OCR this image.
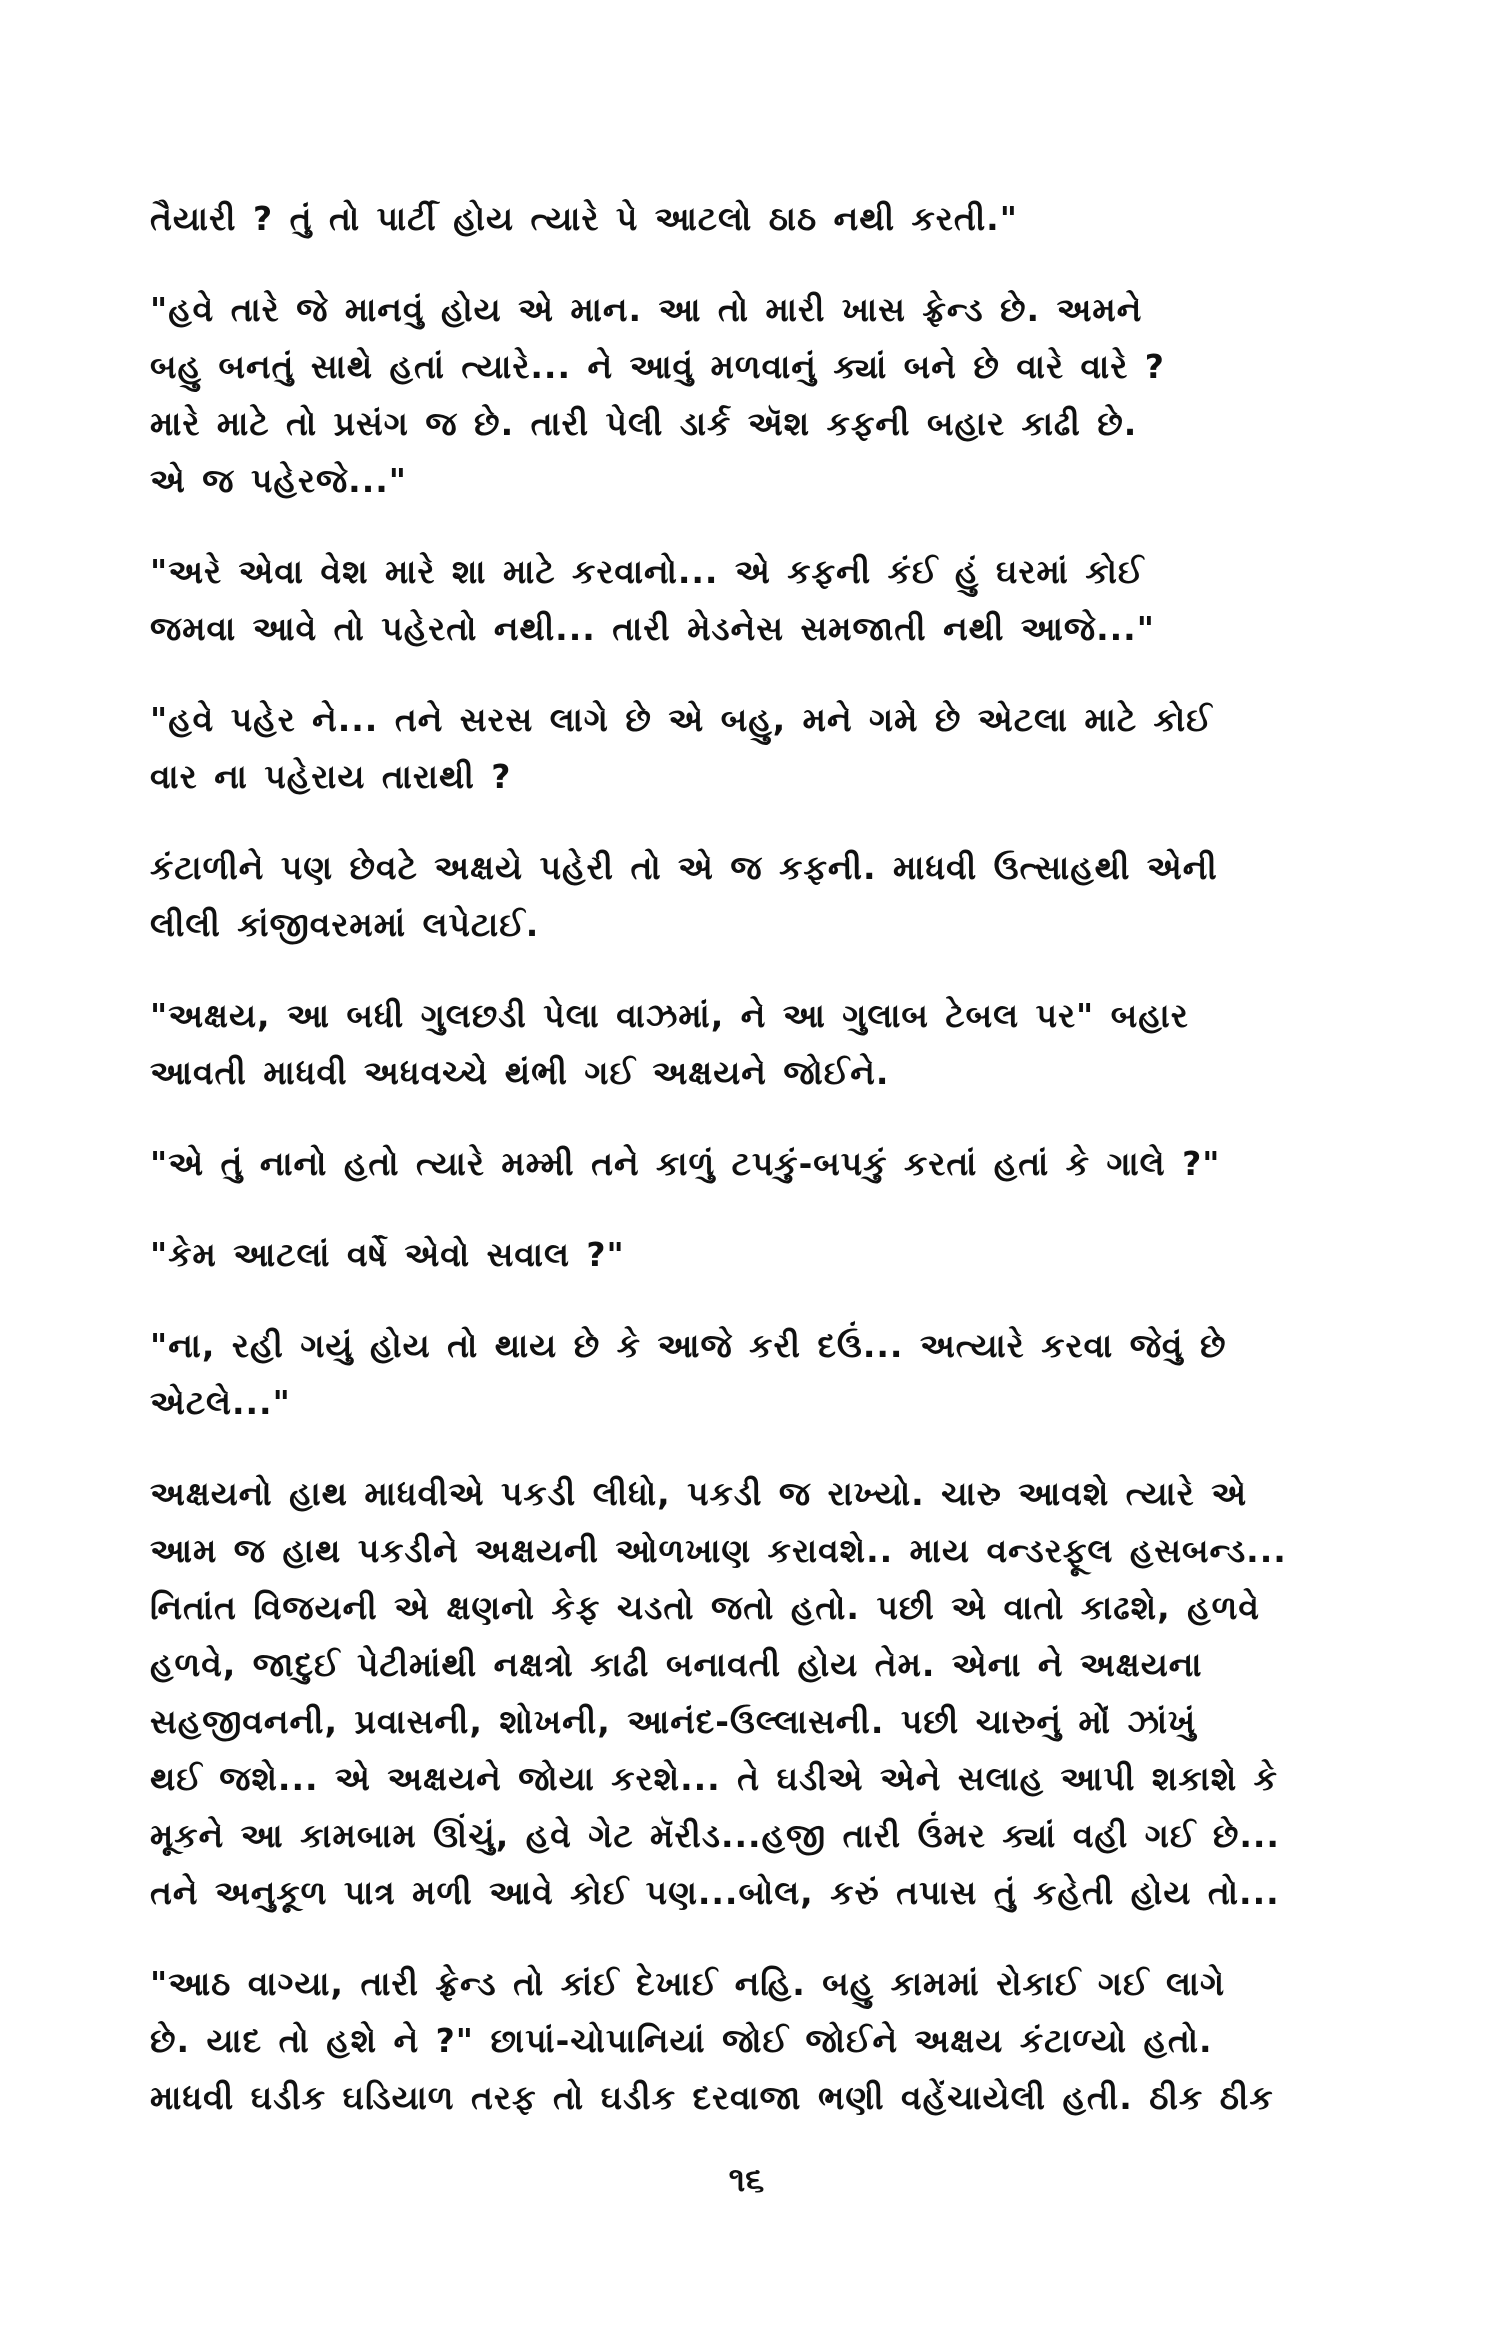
તૈયારી ? તું તો પાર્ટી હોય ત્યારે પે આટલો ઠાઠ નથી કરતી."

"હવે તારે જે માનવું હોય એ માન. આ તો મારી ખાસ ફ્રેન્ડ છે. અમને
બહુ બનતું સાથે હતાં ત્યારે... ને આવું મળવાનું ક્યાં બને છે વારે વારે ?
મારે માટે તો પ્રસંગ જ છે. તારી પેલી ડાર્ક ઍશ કફની બહાર કાઢી છે.
એ જ પહેરજે..."

"અરે એવા વેશ મારે શા માટે કરવાનો... એ કફની કંઈ હું ઘરમાં કોઈ
જમવા આવે તો પહેરતો નથી... તારી મેડનેસ સમજાતી નથી આજે..."

"હવે પહેર ને... તને સરસ લાગે છે એ બહુ, મને ગમે છે એટલા માટે કોઈ
વાર ના પહેરાય તારાથી ?

કંટાળીને પણ છેવટે અક્ષયે પહેરી તો એ જ કફની. માધવી ઉત્સાહથી એની
લીલી કાંજીવરમમાં લપેટાઈ.

"અક્ષય, આ બધી ગુલછડી પેલા વાઝમાં, ને આ ગુલાબ ટેબલ પર" બહાર
આવતી માધવી અધવચ્ચે થંભી ગઈ અક્ષયને જોઈને.

"એ તું નાનો હતો ત્યારે મમ્મી તને કાળું ટપકું-બપકું કરતાં હતાં કે ગાલે ?"

"કેમ આટલાં વર્ષે એવો સવાલ ?"

"ના, રહી ગયું હોય તો થાય છે કે આજે કરી દઉં... અત્યારે કરવા જેવું છે
એટલે..."

અક્ષયનો હાથ માધવીએ પકડી લીધો, પકડી જ રાખ્યો. ચારુ આવશે ત્યારે એ
આમ જ હાથ પકડીને અક્ષયની ઓળખાણ કરાવશે.. માય વન્ડરફૂલ હસબન્ડ...
નિતાંત વિજયની એ ક્ષણનો કેફ ચડતો જતો હતો. પછી એ વાતો કાઢશે, હળવે
હળવે, જાદુઈ પેટીમાંથી નક્ષત્રો કાઢી બનાવતી હોય તેમ. એના ને અક્ષયના
સહજીવનની, પ્રવાસની, શોખની, આનંદ-ઉલ્લાસની. પછી ચારુનું મોં ઝાંખું
થઈ જશે... એ અક્ષયને જોયા કરશે... તે ઘડીએ એને સલાહ આપી શકાશે કે
મૂકને આ કામબામ ઊંચું, હવે ગેટ મૅરીડ...હજી તારી ઉંમર ક્યાં વહી ગઈ છે...
તને અનુકૂળ પાત્ર મળી આવે કોઈ પણ...બોલ, કરું તપાસ તું કહેતી હોય તો...

"આઠ વાગ્યા, તારી ફ્રેન્ડ તો કાંઈ દેખાઈ નહિ. બહુ કામમાં રોકાઈ ગઈ લાગે
છે. યાદ તો હશે ને ?" છાપાં-ચોપાનિયાં જોઈ જોઈને અક્ષય કંટાળ્યો હતો.
માધવી ઘડીક ઘડિયાળ તરફ તો ઘડીક દરવાજા ભણી વહેંચાયેલી હતી. ઠીક ઠીક

૧૬
